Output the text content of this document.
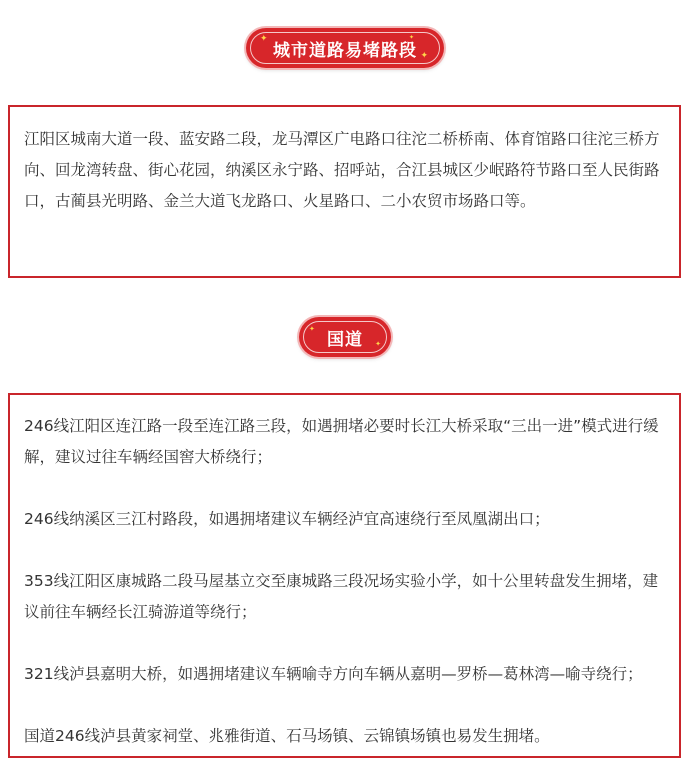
✦
✦
✦
城市道路易堵路段

江阳区城南大道一段、蓝安路二段，龙马潭区广电路口往沱二桥桥南、体育馆路口往沱三桥方向、回龙湾转盘、街心花园，纳溪区永宁路、招呼站，合江县城区少岷路符节路口至人民街路口，古蔺县光明路、金兰大道飞龙路口、火星路口、二小农贸市场路口等。

✦
✦
国道

246线江阳区连江路一段至连江路三段，如遇拥堵必要时长江大桥采取“三出一进”模式进行缓解，建议过往车辆经国窖大桥绕行；

246线纳溪区三江村路段，如遇拥堵建议车辆经泸宜高速绕行至凤凰湖出口；

353线江阳区康城路二段马屋基立交至康城路三段况场实验小学，如十公里转盘发生拥堵，建议前往车辆经长江骑游道等绕行；

321线泸县嘉明大桥，如遇拥堵建议车辆喻寺方向车辆从嘉明—罗桥—葛林湾—喻寺绕行；

国道246线泸县黄家祠堂、兆雅街道、石马场镇、云锦镇场镇也易发生拥堵。
